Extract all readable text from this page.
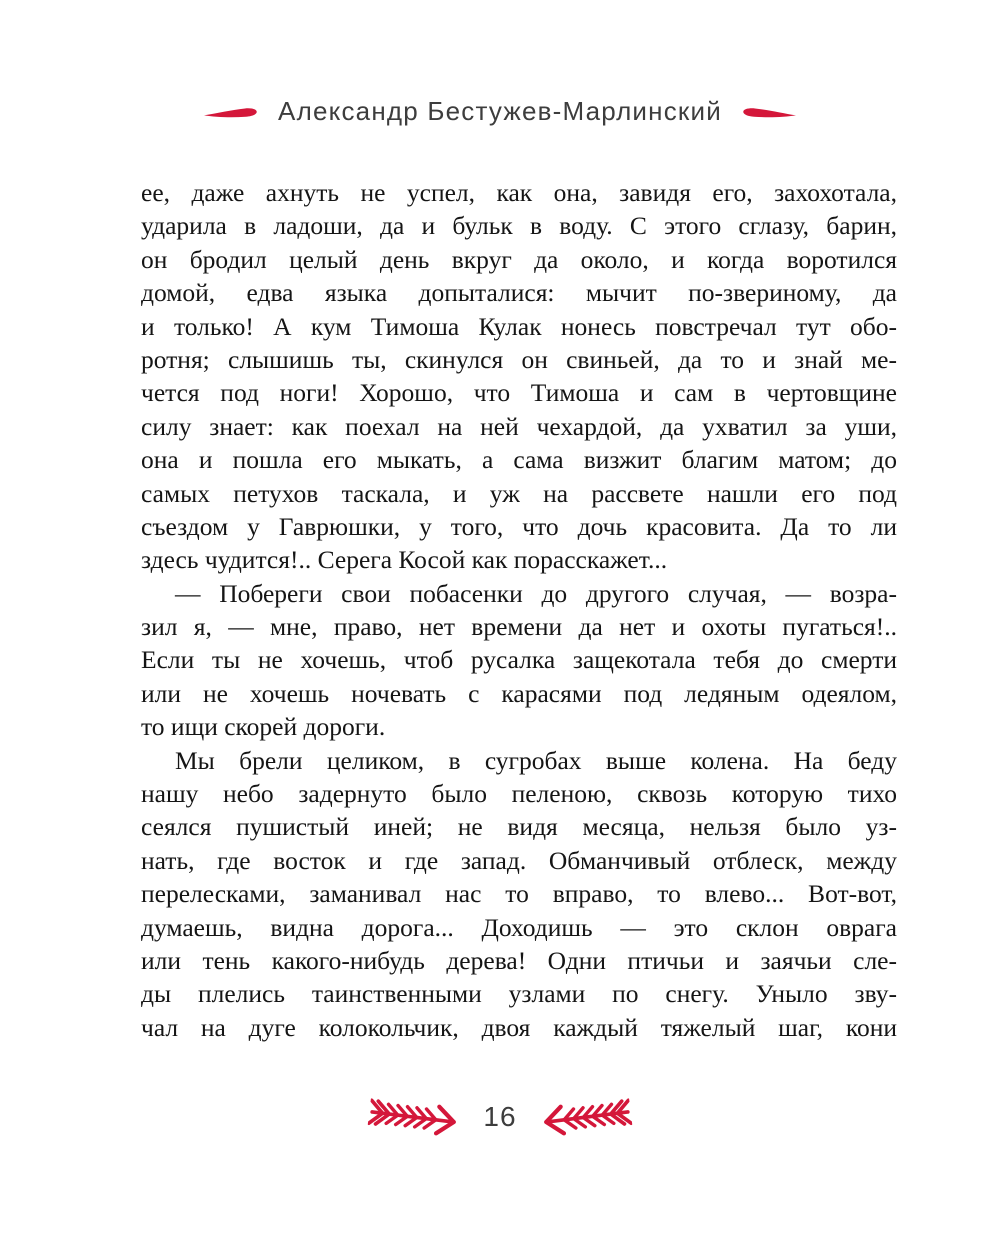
Александр Бестужев-Марлинский
ее, даже ахнуть не успел, как она, завидя его, захохотала,
ударила в ладоши, да и бульк в воду. С этого сглазу, барин,
он бродил целый день вкруг да около, и когда воротился
домой, едва языка допыталися: мычит по-звериному, да
и только! А кум Тимоша Кулак нонесь повстречал тут обо-
ротня; слышишь ты, скинулся он свиньей, да то и знай ме-
чется под ноги! Хорошо, что Тимоша и сам в чертовщине
силу знает: как поехал на ней чехардой, да ухватил за уши,
она и пошла его мыкать, а сама визжит благим матом; до
самых петухов таскала, и уж на рассвете нашли его под
съездом у Гаврюшки, у того, что дочь красовита. Да то ли
здесь чудится!.. Серега Косой как порасскажет...
— Побереги свои побасенки до другого случая, — возра-
зил я, — мне, право, нет времени да нет и охоты пугаться!..
Если ты не хочешь, чтоб русалка защекотала тебя до смерти
или не хочешь ночевать с карасями под ледяным одеялом,
то ищи скорей дороги.
Мы брели целиком, в сугробах выше колена. На беду
нашу небо задернуто было пеленою, сквозь которую тихо
сеялся пушистый иней; не видя месяца, нельзя было уз-
нать, где восток и где запад. Обманчивый отблеск, между
перелесками, заманивал нас то вправо, то влево... Вот-вот,
думаешь, видна дорога... Доходишь — это склон оврага
или тень какого-нибудь дерева! Одни птичьи и заячьи сле-
ды плелись таинственными узлами по снегу. Уныло зву-
чал на дуге колокольчик, двоя каждый тяжелый шаг, кони
16
